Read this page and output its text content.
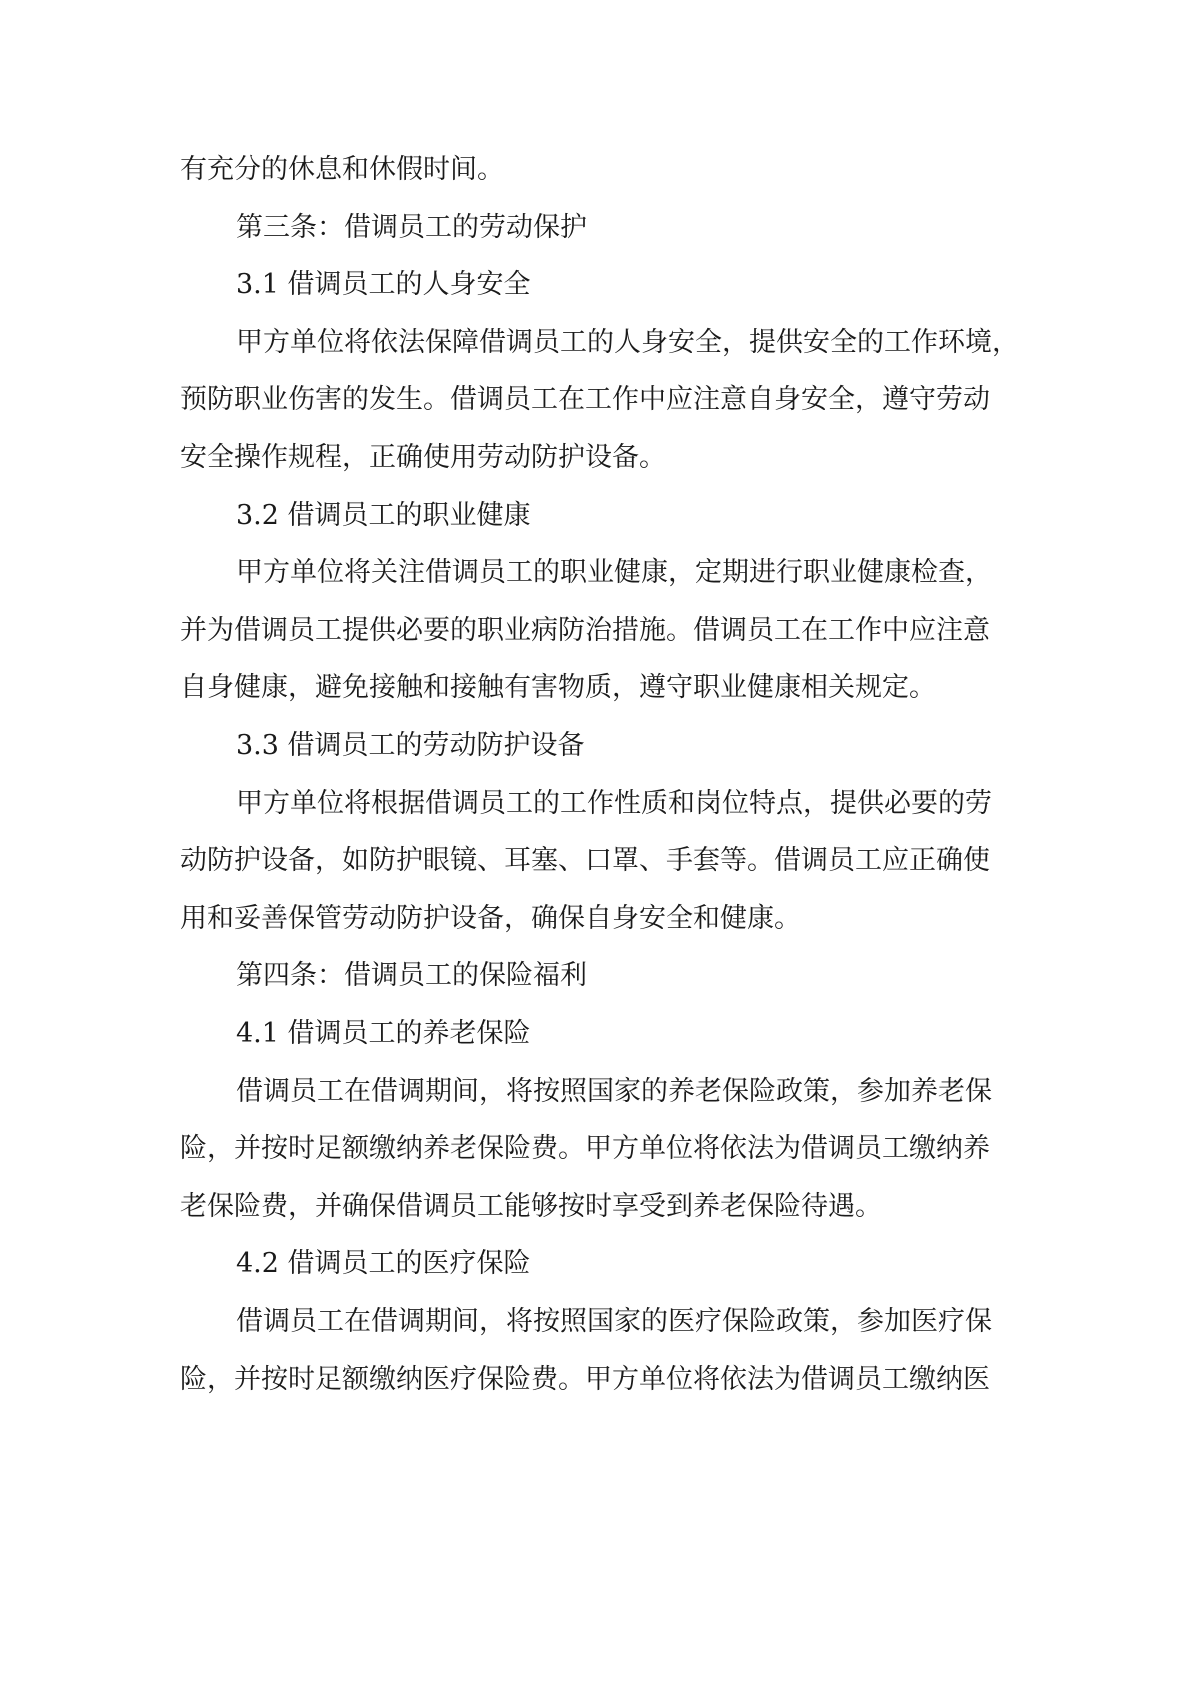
有充分的休息和休假时间。
第三条：借调员工的劳动保护
3.1 借调员工的人身安全
甲方单位将依法保障借调员工的人身安全，提供安全的工作环境，
预防职业伤害的发生。借调员工在工作中应注意自身安全，遵守劳动
安全操作规程，正确使用劳动防护设备。
3.2 借调员工的职业健康
甲方单位将关注借调员工的职业健康，定期进行职业健康检查，
并为借调员工提供必要的职业病防治措施。借调员工在工作中应注意
自身健康，避免接触和接触有害物质，遵守职业健康相关规定。
3.3 借调员工的劳动防护设备
甲方单位将根据借调员工的工作性质和岗位特点，提供必要的劳
动防护设备，如防护眼镜、耳塞、口罩、手套等。借调员工应正确使
用和妥善保管劳动防护设备，确保自身安全和健康。
第四条：借调员工的保险福利
4.1 借调员工的养老保险
借调员工在借调期间，将按照国家的养老保险政策，参加养老保
险，并按时足额缴纳养老保险费。甲方单位将依法为借调员工缴纳养
老保险费，并确保借调员工能够按时享受到养老保险待遇。
4.2 借调员工的医疗保险
借调员工在借调期间，将按照国家的医疗保险政策，参加医疗保
险，并按时足额缴纳医疗保险费。甲方单位将依法为借调员工缴纳医
